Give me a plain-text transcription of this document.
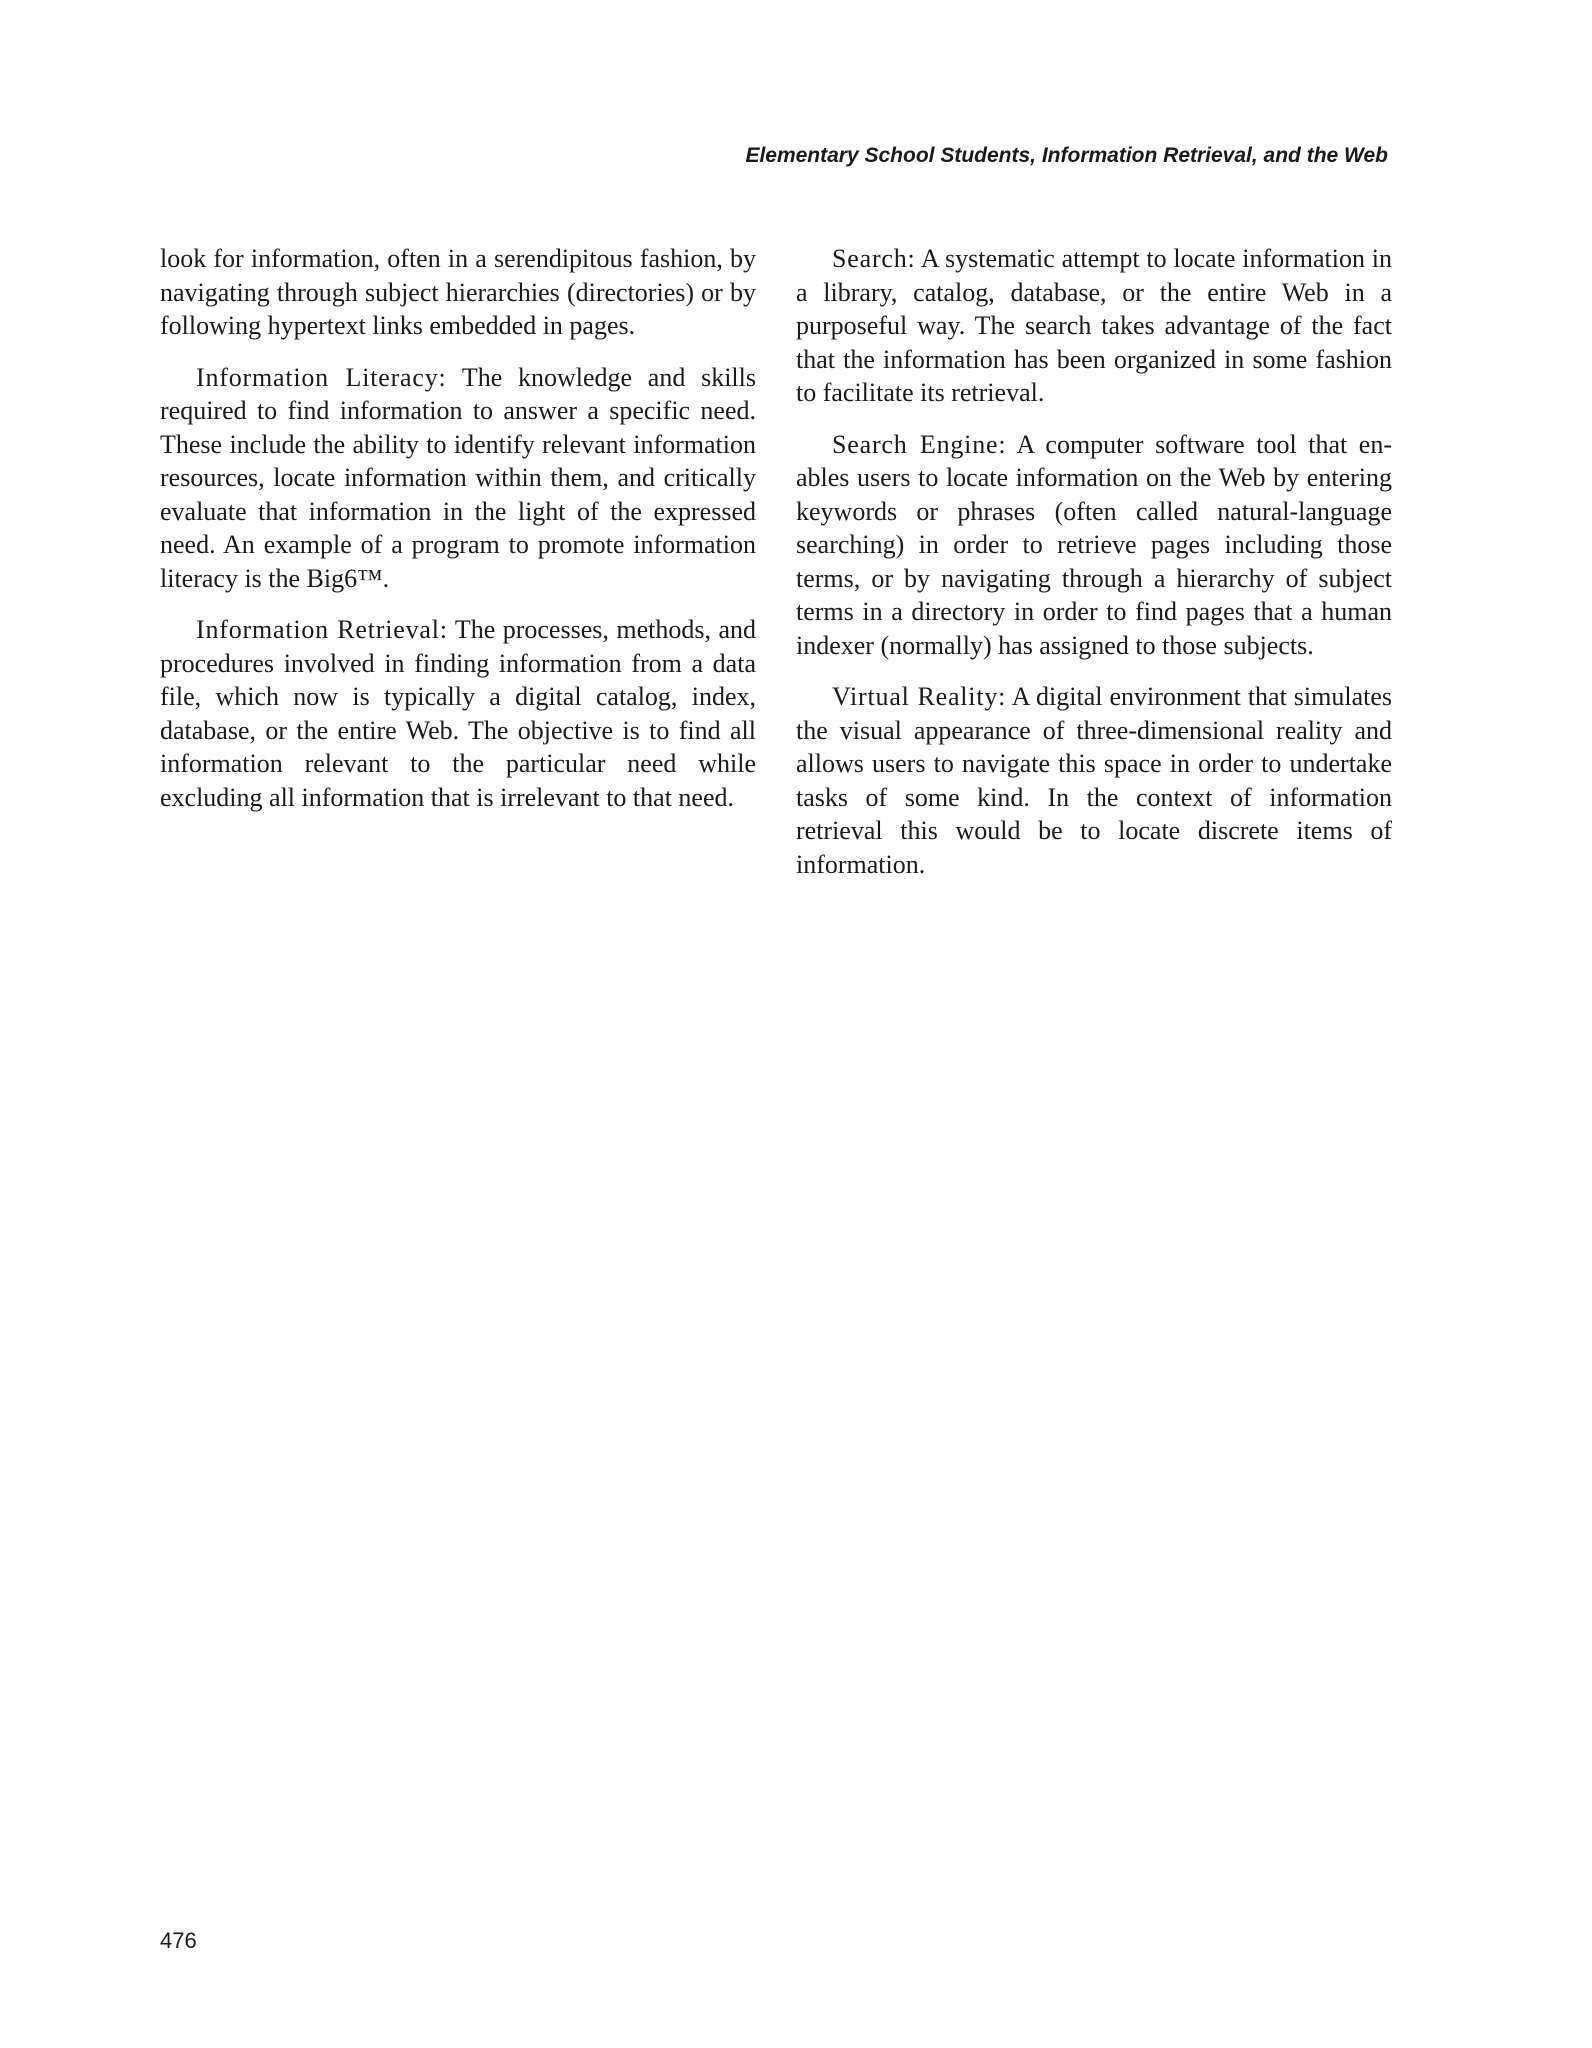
Elementary School Students, Information Retrieval, and the Web

look for information, often in a serendipitous fashion, by navigating through subject hierarchies (directories) or by following hypertext links embedded in pages.

Information Literacy: The knowledge and skills required to find information to answer a specific need. These include the ability to identify relevant information resources, locate information within them, and critically evaluate that information in the light of the expressed need. An example of a program to promote information literacy is the Big6™.

Information Retrieval: The processes, methods, and procedures involved in finding information from a data file, which now is typically a digital catalog, index, database, or the entire Web. The objective is to find all information relevant to the particular need while excluding all information that is irrelevant to that need.

Search: A systematic attempt to locate information in a library, catalog, database, or the entire Web in a purposeful way. The search takes advantage of the fact that the information has been organized in some fashion to facilitate its retrieval.

Search Engine: A computer software tool that enables users to locate information on the Web by entering keywords or phrases (often called natural-language searching) in order to retrieve pages including those terms, or by navigating through a hierarchy of subject terms in a directory in order to find pages that a human indexer (normally) has assigned to those subjects.

Virtual Reality: A digital environment that simulates the visual appearance of three-dimensional reality and allows users to navigate this space in order to undertake tasks of some kind. In the context of information retrieval this would be to locate discrete items of information.

476
